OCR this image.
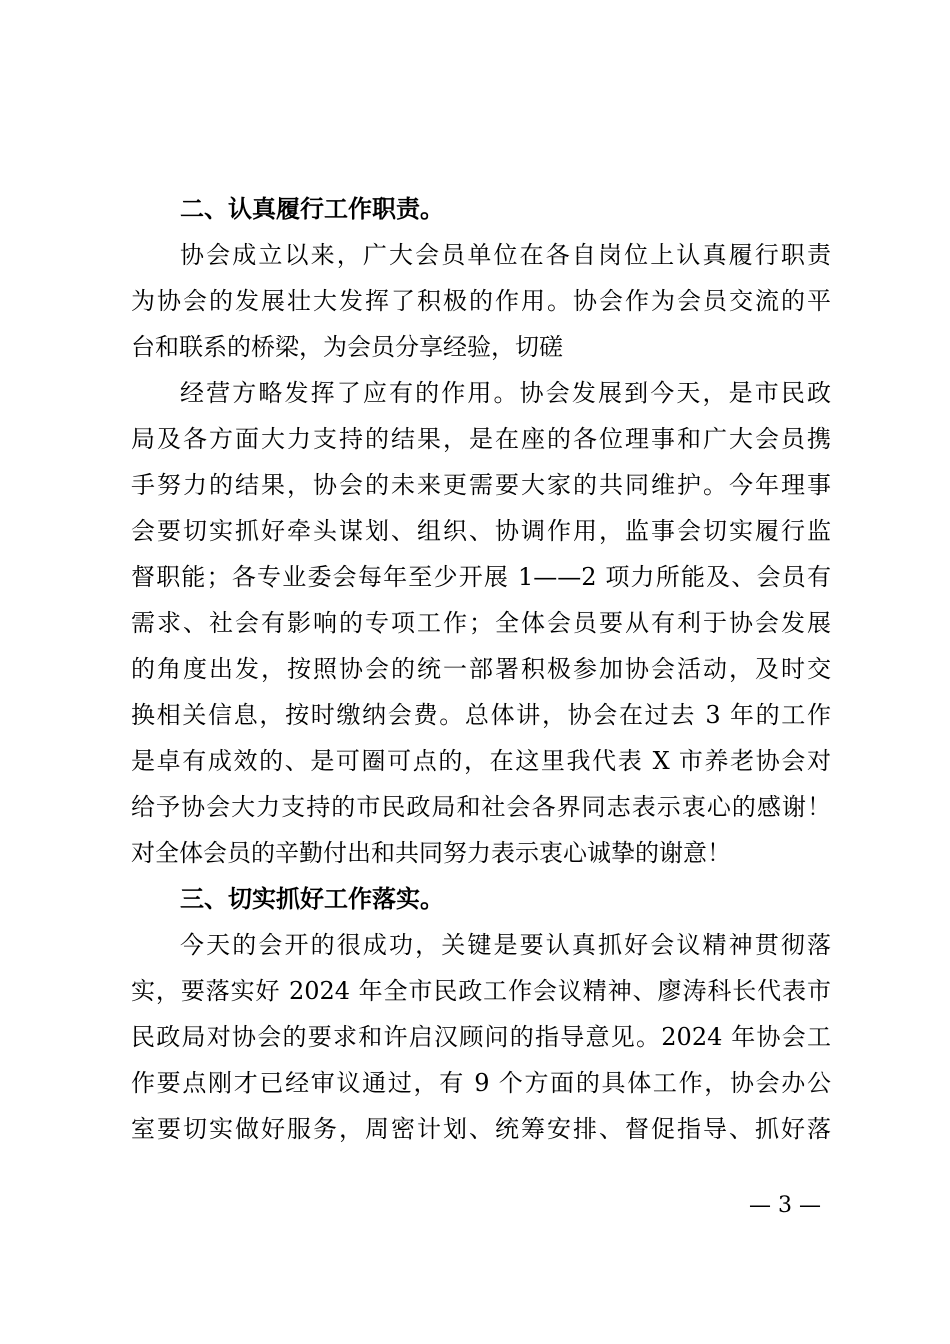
二、认真履行工作职责。
协会成立以来，广大会员单位在各自岗位上认真履行职责
为协会的发展壮大发挥了积极的作用。协会作为会员交流的平
台和联系的桥梁，为会员分享经验，切磋
经营方略发挥了应有的作用。协会发展到今天，是市民政
局及各方面大力支持的结果，是在座的各位理事和广大会员携
手努力的结果，协会的未来更需要大家的共同维护。今年理事
会要切实抓好牵头谋划、组织、协调作用，监事会切实履行监
督职能；各专业委会每年至少开展 1——2 项力所能及、会员有
需求、社会有影响的专项工作；全体会员要从有利于协会发展
的角度出发，按照协会的统一部署积极参加协会活动，及时交
换相关信息，按时缴纳会费。总体讲，协会在过去 3 年的工作
是卓有成效的、是可圈可点的，在这里我代表 X 市养老协会对
给予协会大力支持的市民政局和社会各界同志表示衷心的感谢！
对全体会员的辛勤付出和共同努力表示衷心诚挚的谢意！
三、切实抓好工作落实。
今天的会开的很成功，关键是要认真抓好会议精神贯彻落
实，要落实好 2024 年全市民政工作会议精神、廖涛科长代表市
民政局对协会的要求和许启汉顾问的指导意见。2024 年协会工
作要点刚才已经审议通过，有 9 个方面的具体工作，协会办公
室要切实做好服务，周密计划、统筹安排、督促指导、抓好落
— 3 —
